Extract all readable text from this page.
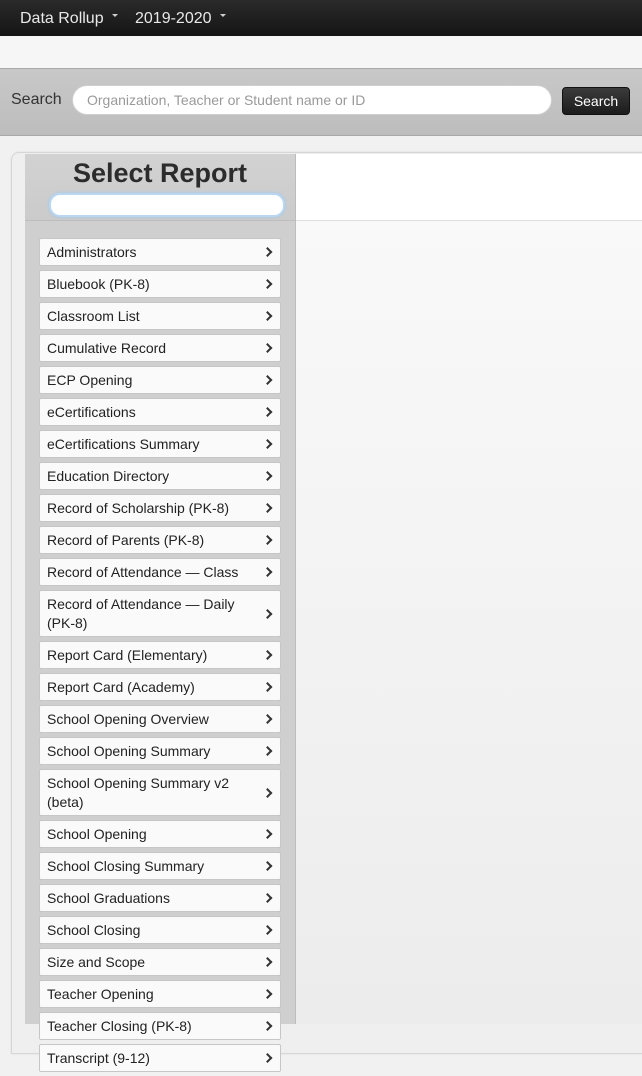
Data Rollup	2019-2020
Search
Organization, Teacher or Student name or ID	Search
Select Report
Administrators
Bluebook (PK-8)
Classroom List
Cumulative Record
ECP Opening
eCertifications
eCertifications Summary
Education Directory
Record of Scholarship (PK-8)
Record of Parents (PK-8)
Record of Attendance — Class
Record of Attendance — Daily (PK-8)
Report Card (Elementary)
Report Card (Academy)
School Opening Overview
School Opening Summary
School Opening Summary v2 (beta)
School Opening
School Closing Summary
School Graduations
School Closing
Size and Scope
Teacher Opening
Teacher Closing (PK-8)
Transcript (9-12)
